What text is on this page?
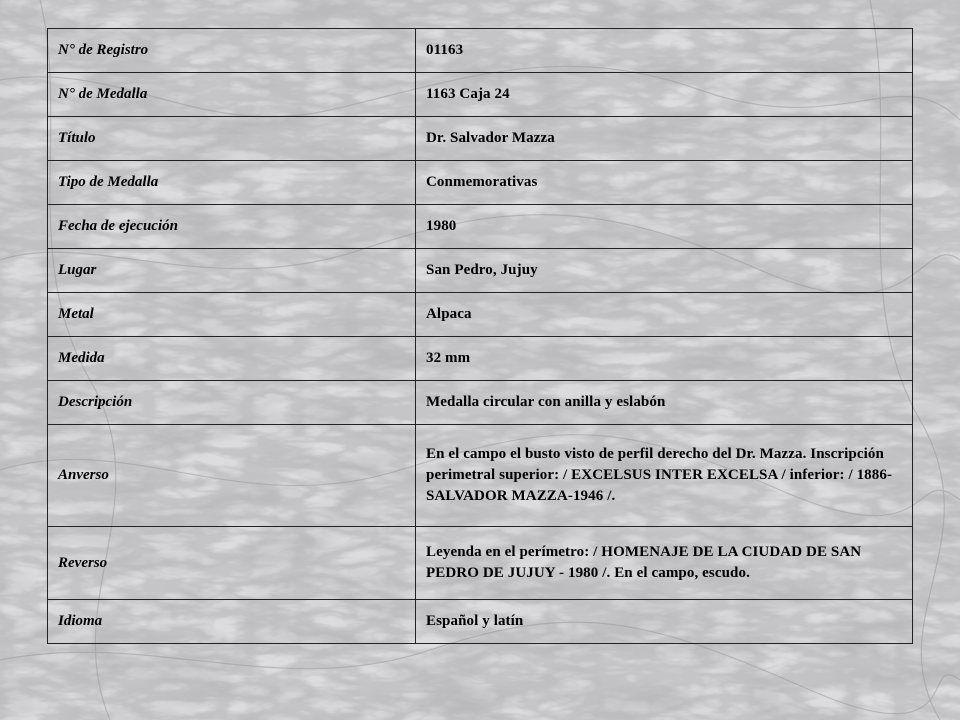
N° de Registro	01163
N° de Medalla	1163 Caja 24
Título	Dr. Salvador Mazza
Tipo de Medalla	Conmemorativas
Fecha de ejecución	1980
Lugar	San Pedro, Jujuy
Metal	Alpaca
Medida	32 mm
Descripción	Medalla circular con anilla y eslabón
Anverso	En el campo el busto visto de perfil derecho del Dr. Mazza. Inscripción perimetral superior: / EXCELSUS INTER EXCELSA / inferior: / 1886-SALVADOR MAZZA-1946 /.
Reverso	Leyenda en el perímetro: / HOMENAJE DE LA CIUDAD DE SAN PEDRO DE JUJUY - 1980 /. En el campo, escudo.
Idioma	Español y latín
